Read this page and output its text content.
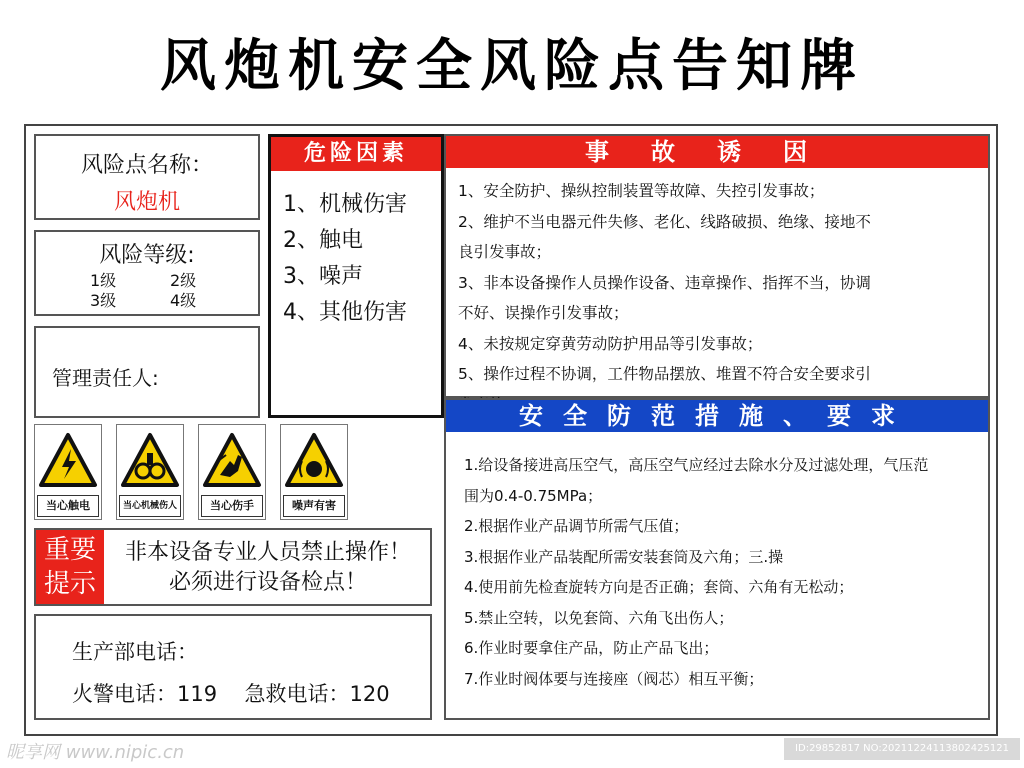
风炮机安全风险点告知牌
风险点名称：
风炮机
风险等级:
1级	2级
3级	4级
管理责任人:
危险因素
1、机械伤害
2、触电
3、噪声
4、其他伤害
事故诱因
1、安全防护、操纵控制装置等故障、失控引发事故；
2、维护不当电器元件失修、老化、线路破损、绝缘、接地不
良引发事故；
3、非本设备操作人员操作设备、违章操作、指挥不当，协调
不好、误操作引发事故；
4、未按规定穿黄劳动防护用品等引发事故；
5、操作过程不协调，工件物品摆放、堆置不符合安全要求引
安全防范措施、要求
1.给设备接进高压空气，高压空气应经过去除水分及过滤处理，气压范
围为0.4-0.75MPa；
2.根据作业产品调节所需气压值；
3.根据作业产品装配所需安装套筒及六角；三.操
4.使用前先检查旋转方向是否正确；套筒、六角有无松动；
5.禁止空转，以免套筒、六角飞出伤人；
6.作业时要拿住产品，防止产品飞出；
7.作业时阀体要与连接座（阀芯）相互平衡；
当心触电	当心机械伤人	当心伤手	噪声有害
重要
提示
非本设备专业人员禁止操作！
必须进行设备检点！
生产部电话：
火警电话：119 急救电话：120
昵享网 www.nipic.cn	ID:29852817 NO:20211224113802425121
